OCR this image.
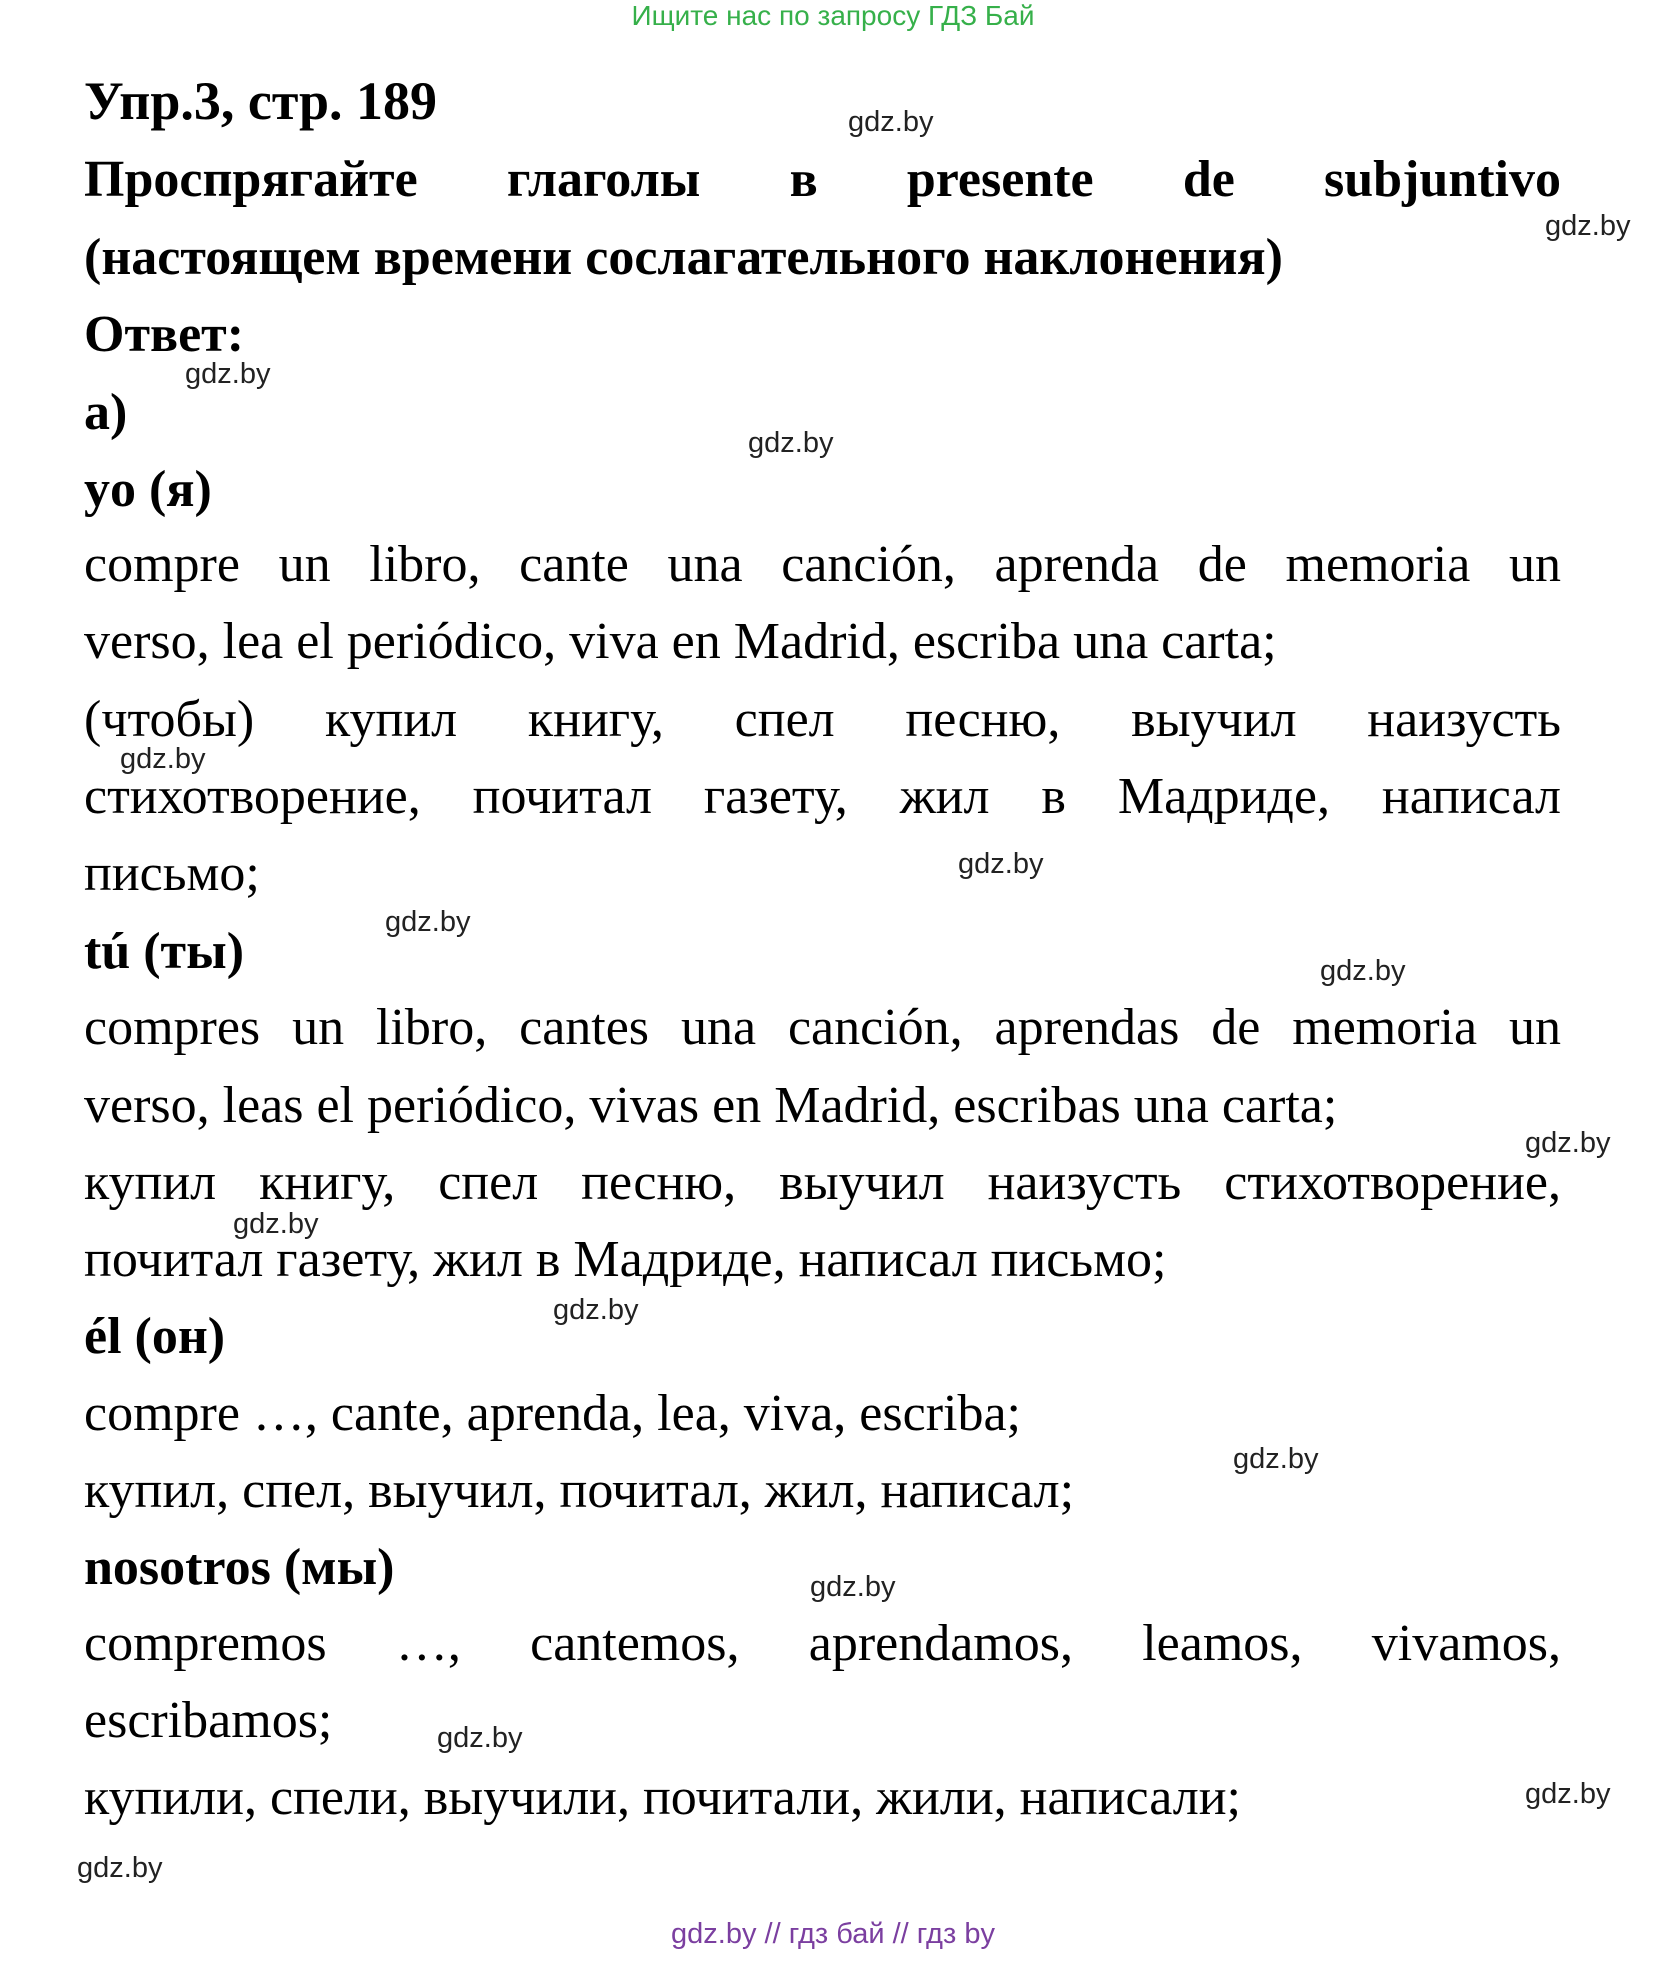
Ищите нас по запросу ГДЗ Бай
Упр.3, стр. 189
Проспрягайте глаголы в presente de subjuntivo
(настоящем времени сослагательного наклонения)
Ответ:
а)
yo (я)
compre un libro, cante una canción, aprenda de memoria un
verso, lea el periódico, viva en Madrid, escriba una carta;
(чтобы) купил книгу, спел песню, выучил наизусть
стихотворение, почитал газету, жил в Мадриде, написал
письмо;
tú (ты)
compres un libro, cantes una canción, aprendas de memoria un
verso, leas el periódico, vivas en Madrid, escribas una carta;
купил книгу, спел песню, выучил наизусть стихотворение,
почитал газету, жил в Мадриде, написал письмо;
él (он)
compre …, cante, aprenda, lea, viva, escriba;
купил, спел, выучил, почитал, жил, написал;
nosotros (мы)
compremos …, cantemos, aprendamos, leamos, vivamos,
escribamos;
купили, спели, выучили, почитали, жили, написали;
gdz.by
gdz.by
gdz.by
gdz.by
gdz.by
gdz.by
gdz.by
gdz.by
gdz.by
gdz.by
gdz.by
gdz.by
gdz.by
gdz.by
gdz.by
gdz.by
gdz.by // гдз бай // гдз by
